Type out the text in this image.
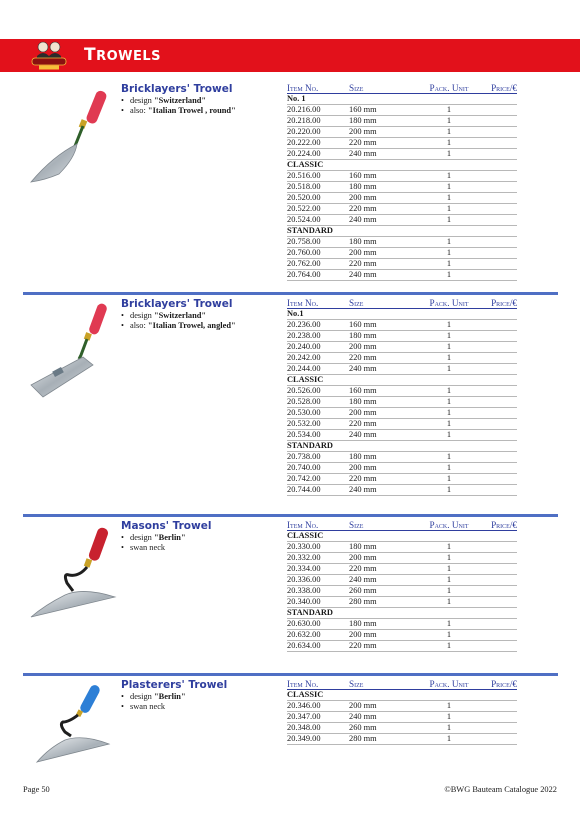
TROWELS
Bricklayers' Trowel
• design "Switzerland"
• also: "Italian Trowel , round"
Item No.	Size	Pack. Unit	Price/€
No. 1			
20.216.00	160 mm	1	
20.218.00	180 mm	1	
20.220.00	200 mm	1	
20.222.00	220 mm	1	
20.224.00	240 mm	1	
CLASSIC			
20.516.00	160 mm	1	
20.518.00	180 mm	1	
20.520.00	200 mm	1	
20.522.00	220 mm	1	
20.524.00	240 mm	1	
STANDARD			
20.758.00	180 mm	1	
20.760.00	200 mm	1	
20.762.00	220 mm	1	
20.764.00	240 mm	1	
Bricklayers' Trowel
• design "Switzerland"
• also: "Italian Trowel, angled"
Item No.	Size	Pack. Unit	Price/€
No.1			
20.236.00	160 mm	1	
20.238.00	180 mm	1	
20.240.00	200 mm	1	
20.242.00	220 mm	1	
20.244.00	240 mm	1	
CLASSIC			
20.526.00	160 mm	1	
20.528.00	180 mm	1	
20.530.00	200 mm	1	
20.532.00	220 mm	1	
20.534.00	240 mm	1	
STANDARD			
20.738.00	180 mm	1	
20.740.00	200 mm	1	
20.742.00	220 mm	1	
20.744.00	240 mm	1	
Masons' Trowel
• design "Berlin"
• swan neck
Item No.	Size	Pack. Unit	Price/€
CLASSIC			
20.330.00	180 mm	1	
20.332.00	200 mm	1	
20.334.00	220 mm	1	
20.336.00	240 mm	1	
20.338.00	260 mm	1	
20.340.00	280 mm	1	
STANDARD			
20.630.00	180 mm	1	
20.632.00	200 mm	1	
20.634.00	220 mm	1	
Plasterers' Trowel
• design "Berlin"
• swan neck
Item No.	Size	Pack. Unit	Price/€
CLASSIC			
20.346.00	200 mm	1	
20.347.00	240 mm	1	
20.348.00	260 mm	1	
20.349.00	280 mm	1	
Page 50	©BWG Bauteam Catalogue 2022
